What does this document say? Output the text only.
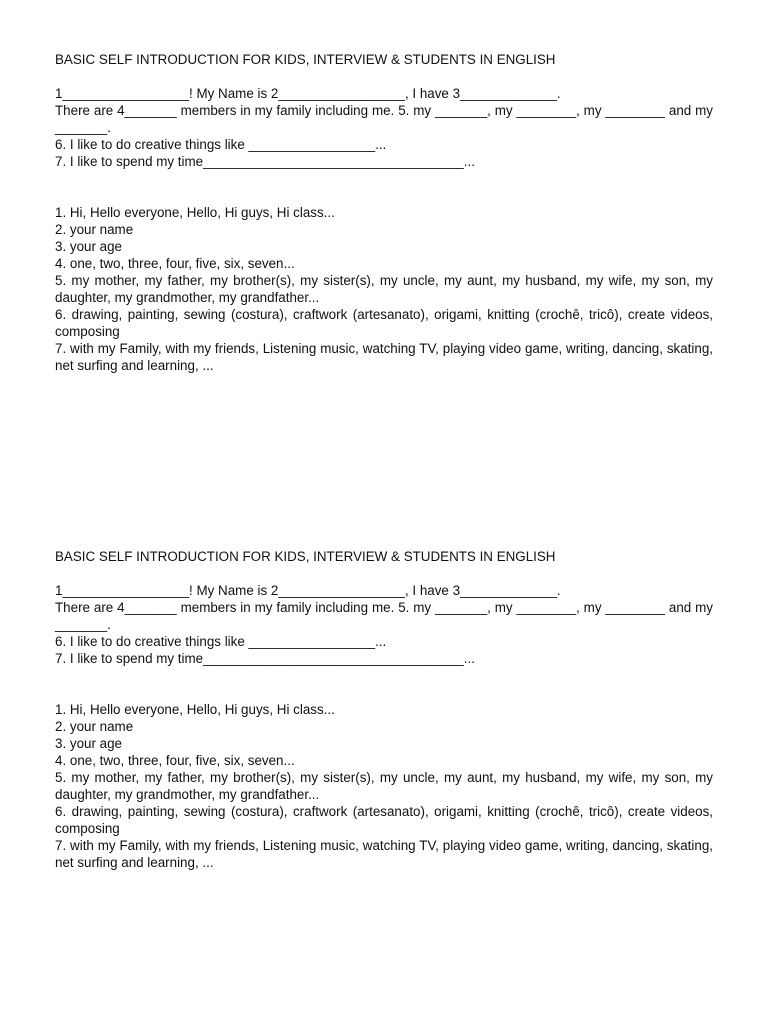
BASIC SELF INTRODUCTION FOR KIDS, INTERVIEW & STUDENTS IN ENGLISH

1_________________! My Name is 2_________________, I have 3_____________.

There are 4_______ members in my family including me. 5. my _______, my ________, my ________ and my _______.

6. I like to do creative things like _________________...

7. I like to spend my time___________________________________...

1. Hi, Hello everyone, Hello, Hi guys, Hi class...

2. your name

3. your age

4. one, two, three, four, five, six, seven...

5. my mother, my father, my brother(s), my sister(s), my uncle, my aunt, my husband, my wife, my son, my daughter, my grandmother, my grandfather...

6. drawing, painting, sewing (costura), craftwork (artesanato), origami, knitting (crochê, tricô), create videos, composing

7. with my Family, with my friends, Listening music, watching TV, playing video game, writing, dancing, skating, net surfing and learning, ...

BASIC SELF INTRODUCTION FOR KIDS, INTERVIEW & STUDENTS IN ENGLISH

1_________________! My Name is 2_________________, I have 3_____________.

There are 4_______ members in my family including me. 5. my _______, my ________, my ________ and my _______.

6. I like to do creative things like _________________...

7. I like to spend my time___________________________________...

1. Hi, Hello everyone, Hello, Hi guys, Hi class...

2. your name

3. your age

4. one, two, three, four, five, six, seven...

5. my mother, my father, my brother(s), my sister(s), my uncle, my aunt, my husband, my wife, my son, my daughter, my grandmother, my grandfather...

6. drawing, painting, sewing (costura), craftwork (artesanato), origami, knitting (crochê, tricô), create videos, composing

7. with my Family, with my friends, Listening music, watching TV, playing video game, writing, dancing, skating, net surfing and learning, ...
